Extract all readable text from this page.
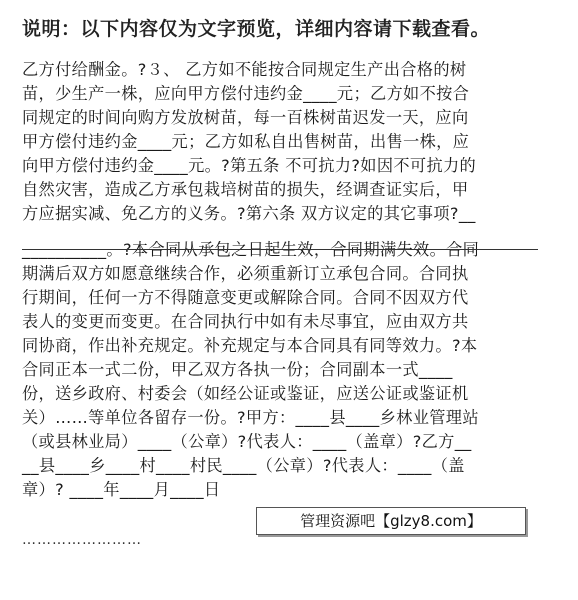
说明：以下内容仅为文字预览，详细内容请下载查看。
乙方付给酬金。?３、 乙方如不能按合同规定生产出合格的树
苗，少生产一株，应向甲方偿付违约金____元；乙方如不按合
同规定的时间向购方发放树苗，每一百株树苗迟发一天，应向
甲方偿付违约金____元；乙方如私自出售树苗，出售一株，应
向甲方偿付违约金____元。?第五条 不可抗力?如因不可抗力的
自然灾害，造成乙方承包栽培树苗的损失，经调查证实后，甲
方应据实减、免乙方的义务。?第六条 双方议定的其它事项?__
__________。?本合同从承包之日起生效，合同期满失效。合同
期满后双方如愿意继续合作，必须重新订立承包合同。合同执
行期间，任何一方不得随意变更或解除合同。合同不因双方代
表人的变更而变更。在合同执行中如有未尽事宜，应由双方共
同协商，作出补充规定。补充规定与本合同具有同等效力。?本
合同正本一式二份，甲乙双方各执一份；合同副本一式____
份，送乡政府、村委会（如经公证或鉴证，应送公证或鉴证机
关）……等单位各留存一份。?甲方：____县____乡林业管理站
（或县林业局）____（公章）?代表人：____（盖章）?乙方__
__县____乡____村____村民____（公章）?代表人：____（盖
章）? ____年____月____日
管理资源吧【glzy8.com】
……………………
